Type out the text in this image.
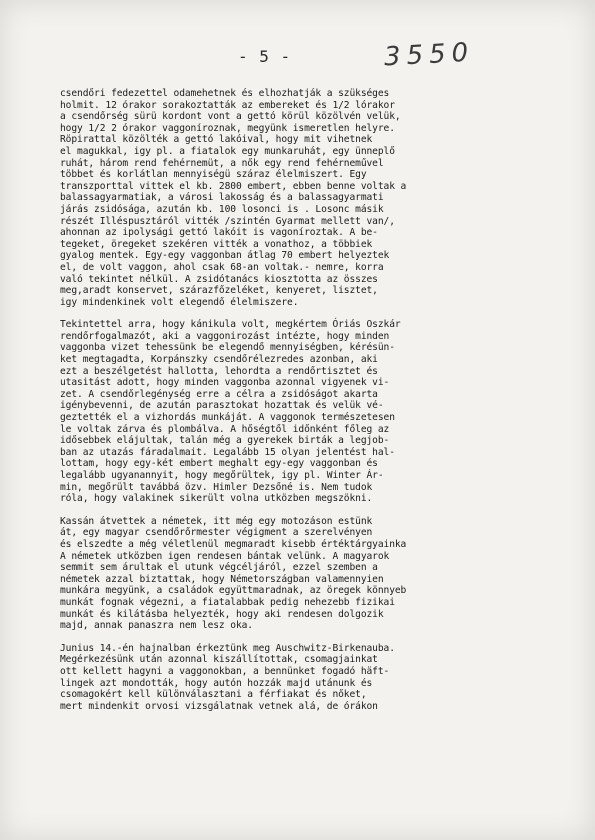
- 5 -	3550
csendőri fedezettel odamehetnek és elhozhatják a szükséges
holmit. 12 órakor sorakoztatták az embereket és 1/2 lórakor
a csendőrség sürü kordont vont a gettó körül közölvén velük,
hogy 1/2 2 órakor vaggoníroznak, megyünk ismeretlen helyre.
Röpirattal közölték a gettó lakóival, hogy mit vihetnek
el magukkal, igy pl. a fiatalok egy munkaruhát, egy ünneplő
ruhát, három rend fehérnemüt, a nők egy rend fehérneművel
többet és korlátlan mennyiségü száraz élelmiszert. Egy
transzporttal vittek el kb. 2800 embert, ebben benne voltak a
balassagyarmatiak, a városi lakosság és a balassagyarmati
járás zsidósága, azután kb. 100 losonci is . Losonc másik
részét Illéspusztáról vitték /szintén Gyarmat mellett van/,
ahonnan az ipolysági gettó lakóit is vagoníroztak. A be-
tegeket, öregeket szekéren vitték a vonathoz, a többiek
gyalog mentek. Egy-egy vaggonban átlag 70 embert helyeztek
el, de volt vaggon, ahol csak 68-an voltak.- nemre, korra
való tekintet nélkül. A zsidótanács kiosztotta az összes
meg,aradt konservet, szárazfőzeléket, kenyeret, lisztet,
igy mindenkinek volt elegendő élelmiszere.
Tekintettel arra, hogy kánikula volt, megkértem Óriás Oszkár
rendőrfogalmazót, aki a vaggonirozást intézte, hogy minden
vaggonba vizet tehessünk be elegendő mennyiségben, kérésün-
ket megtagadta, Korpánszky csendőrélezredes azonban, aki
ezt a beszélgetést hallotta, lehordta a rendőrtisztet és
utasitást adott, hogy minden vaggonba azonnal vigyenek vi-
zet. A csendőrlegénység erre a célra a zsidóságot akarta
igénybevenni, de azután parasztokat hozattak és velük vé-
geztették el a vizhordás munkáját. A vaggonok természetesen
le voltak zárva és plombálva. A hőségtől időnként főleg az
idősebbek elájultak, talán még a gyerekek birták a legjob-
ban az utazás fáradalmait. Legalább 15 olyan jelentést hal-
lottam, hogy egy-két embert meghalt egy-egy vaggonban és
legalább ugyanannyit, hogy megőrültek, igy pl. Winter Ár-
min, megőrült tavábbá özv. Himler Dezsőné is. Nem tudok
róla, hogy valakinek sikerült volna utközben megszökni.
Kassán átvettek a németek, itt még egy motozáson estünk
át, egy magyar csendőrőrmester végigment a szerelvényen
és elszedte a még véletlenül megmaradt kisebb értéktárgyainka
A németek utközben igen rendesen bántak velünk. A magyarok
semmit sem árultak el utunk végcéljáról, ezzel szemben a
németek azzal biztattak, hogy Németországban valamennyien
munkára megyünk, a családok együttmaradnak, az öregek könnyeb
munkát fognak végezni, a fiatalabbak pedig nehezebb fizikai
munkát és kilátásba helyezték, hogy aki rendesen dolgozik
majd, annak panaszra nem lesz oka.
Junius 14.-én hajnalban érkeztünk meg Auschwitz-Birkenauba.
Megérkezésünk után azonnal kiszállítottak, csomagjainkat
ott kellett hagyni a vaggonokban, a bennünket fogadó häft-
lingek azt mondották, hogy autón hozzák majd utánunk és
csomagokért kell különválasztani a férfiakat és nőket,
mert mindenkit orvosi vizsgálatnak vetnek alá, de órákon
